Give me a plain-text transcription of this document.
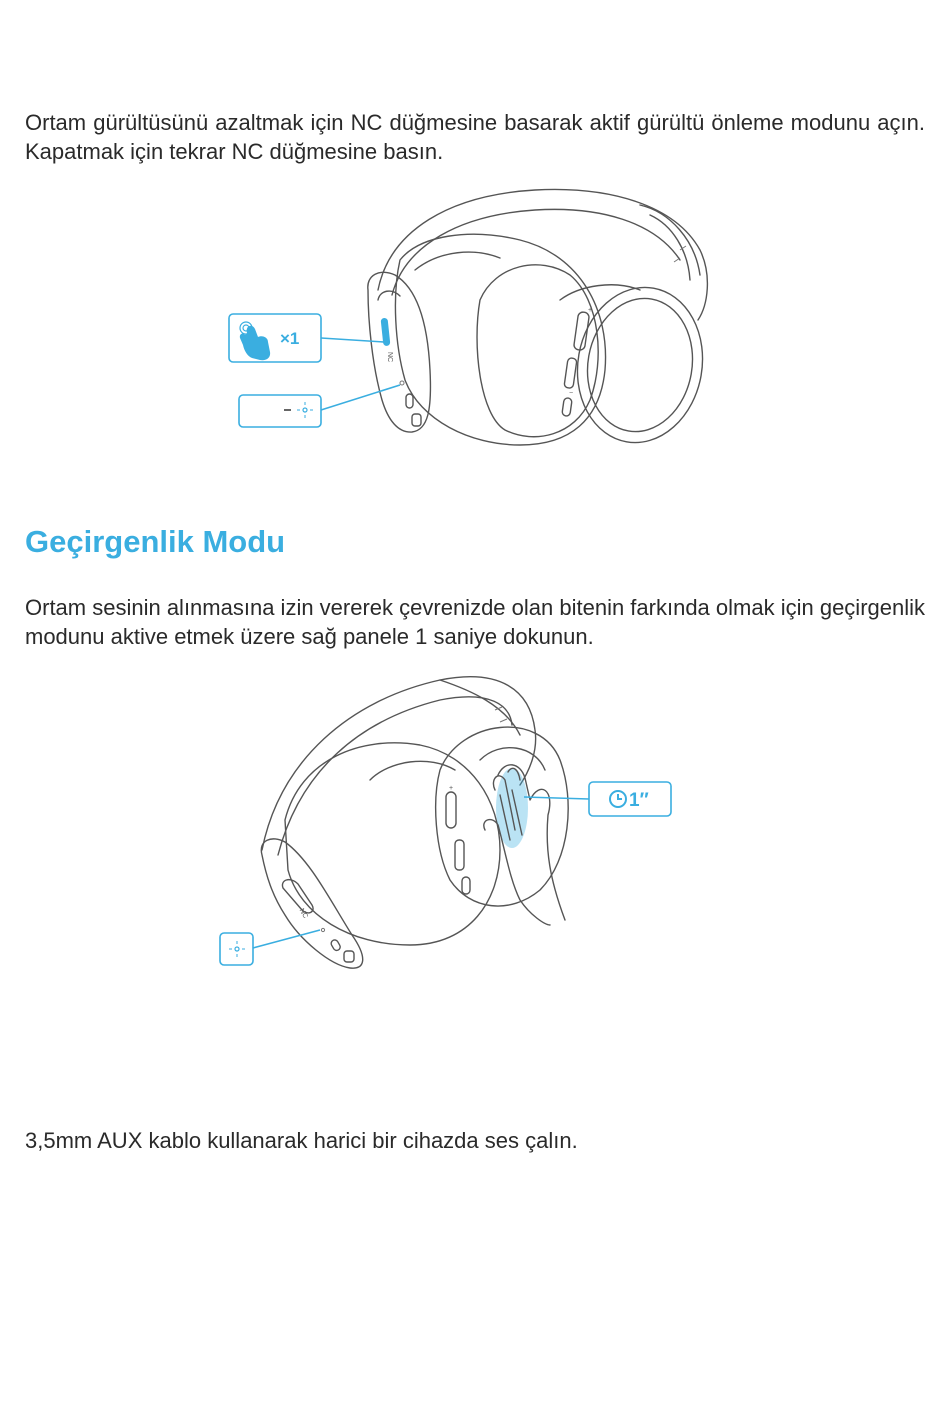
Ortam gürültüsünü azaltmak için NC düğmesine basarak aktif gürültü önleme modunu açın. Kapatmak için tekrar NC düğmesine basın.

+
−
NC
×1
Geçirgenlik Modu

Ortam sesinin alınmasına izin vererek çevrenizde olan bitenin farkında olmak için geçirgenlik modunu aktive etmek üzere sağ panele 1 saniye dokunun.

+
NC
1″

3,5mm AUX kablo kullanarak harici bir cihazda ses çalın.
